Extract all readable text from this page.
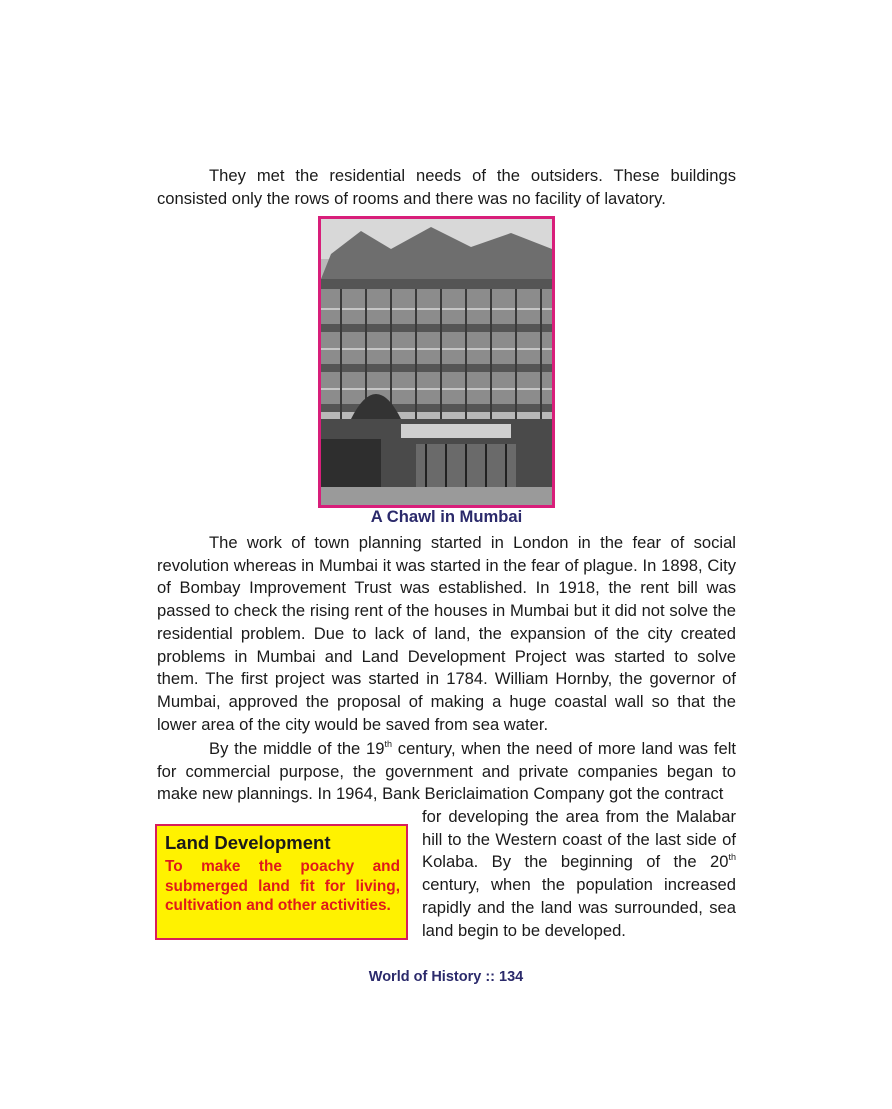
They met the residential needs of the outsiders. These buildings consisted only the rows of rooms and there was no facility of lavatory.

A Chawl in Mumbai

The work of town planning started in London in the fear of social revolution whereas in Mumbai it was started in the fear of plague. In 1898, City of Bombay Improvement Trust was established. In 1918, the rent bill was passed to check the rising rent of the houses in Mumbai but it did not solve the residential problem. Due to lack of land, the expansion of the city created problems in Mumbai and Land Development Project was started to solve them. The first project was started in 1784. William Hornby, the governor of Mumbai, approved the proposal of making a huge coastal wall so that the lower area of the city would be saved from sea water.

By the middle of the 19th century, when the need of more land was felt for commercial purpose, the government and private companies began to make new plannings. In 1964, Bank Bericlaimation Company got the contract

for developing the area from the Malabar hill to the Western coast of the last side of Kolaba. By the beginning of the 20th century, when the population increased rapidly and the land was surrounded, sea land begin to be developed.

Land Development
To make the poachy and submerged land fit for living, cultivation and other activities.
World of History :: 134
